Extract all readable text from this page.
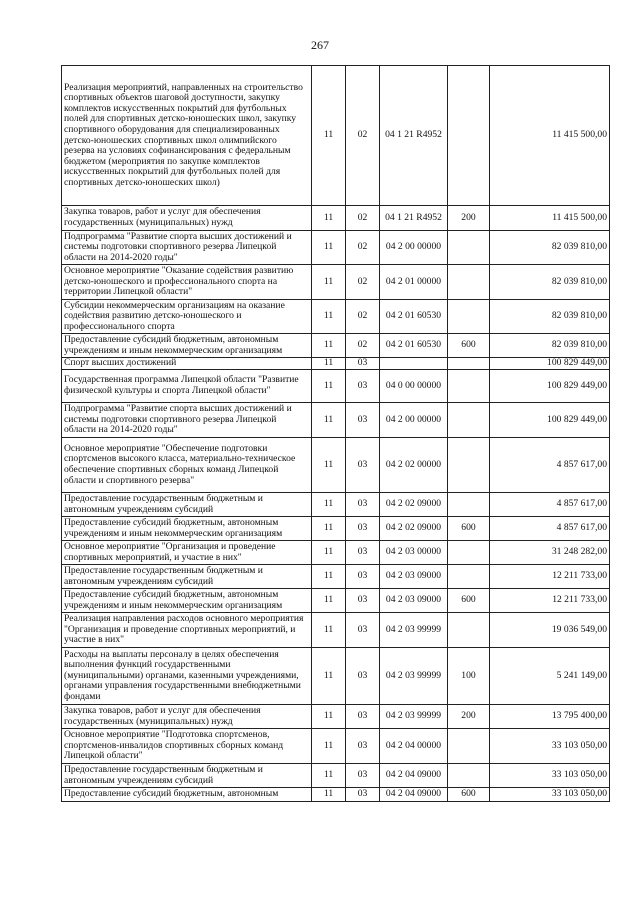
267
Реализация мероприятий, направленных на строительство спортивных объектов шаговой доступности, закупку комплектов искусственных покрытий для футбольных полей для спортивных детско-юношеских школ, закупку спортивного оборудования для специализированных детско-юношеских спортивных школ олимпийского резерва на условиях софинансирования с федеральным бюджетом (мероприятия по закупке комплектов искусственных покрытий для футбольных полей для спортивных детско-юношеских школ)	11	02	04 1 21 R4952		11 415 500,00
Закупка товаров, работ и услуг для обеспечения государственных (муниципальных) нужд	11	02	04 1 21 R4952	200	11 415 500,00
Подпрограмма "Развитие спорта высших достижений и системы подготовки спортивного резерва Липецкой области на 2014-2020 годы"	11	02	04 2 00 00000		82 039 810,00
Основное мероприятие "Оказание содействия развитию детско-юношеского и профессионального спорта на территории Липецкой области"	11	02	04 2 01 00000		82 039 810,00
Субсидии некоммерческим организациям на оказание содействия развитию детско-юношеского и профессионального спорта	11	02	04 2 01 60530		82 039 810,00
Предоставление субсидий бюджетным, автономным учреждениям и иным некоммерческим организациям	11	02	04 2 01 60530	600	82 039 810,00
Спорт высших достижений	11	03			100 829 449,00
Государственная программа Липецкой области "Развитие физической культуры и спорта Липецкой области"	11	03	04 0 00 00000		100 829 449,00
Подпрограмма "Развитие спорта высших достижений и системы подготовки спортивного резерва Липецкой области на 2014-2020 годы"	11	03	04 2 00 00000		100 829 449,00
Основное мероприятие "Обеспечение подготовки спортсменов высокого класса, материально-техническое обеспечение спортивных сборных команд Липецкой области и спортивного резерва"	11	03	04 2 02 00000		4 857 617,00
Предоставление государственным бюджетным и автономным учреждениям субсидий	11	03	04 2 02 09000		4 857 617,00
Предоставление субсидий бюджетным, автономным учреждениям и иным некоммерческим организациям	11	03	04 2 02 09000	600	4 857 617,00
Основное мероприятие "Организация и проведение спортивных мероприятий, и участие в них"	11	03	04 2 03 00000		31 248 282,00
Предоставление государственным бюджетным и автономным учреждениям субсидий	11	03	04 2 03 09000		12 211 733,00
Предоставление субсидий бюджетным, автономным учреждениям и иным некоммерческим организациям	11	03	04 2 03 09000	600	12 211 733,00
Реализация направления расходов основного мероприятия "Организация и проведение спортивных мероприятий, и участие в них"	11	03	04 2 03 99999		19 036 549,00
Расходы на выплаты персоналу в целях обеспечения выполнения функций государственными (муниципальными) органами, казенными учреждениями, органами управления государственными внебюджетными фондами	11	03	04 2 03 99999	100	5 241 149,00
Закупка товаров, работ и услуг для обеспечения государственных (муниципальных) нужд	11	03	04 2 03 99999	200	13 795 400,00
Основное мероприятие "Подготовка спортсменов, спортсменов-инвалидов спортивных сборных команд Липецкой области"	11	03	04 2 04 00000		33 103 050,00
Предоставление государственным бюджетным и автономным учреждениям субсидий	11	03	04 2 04 09000		33 103 050,00
Предоставление субсидий бюджетным, автономным	11	03	04 2 04 09000	600	33 103 050,00
